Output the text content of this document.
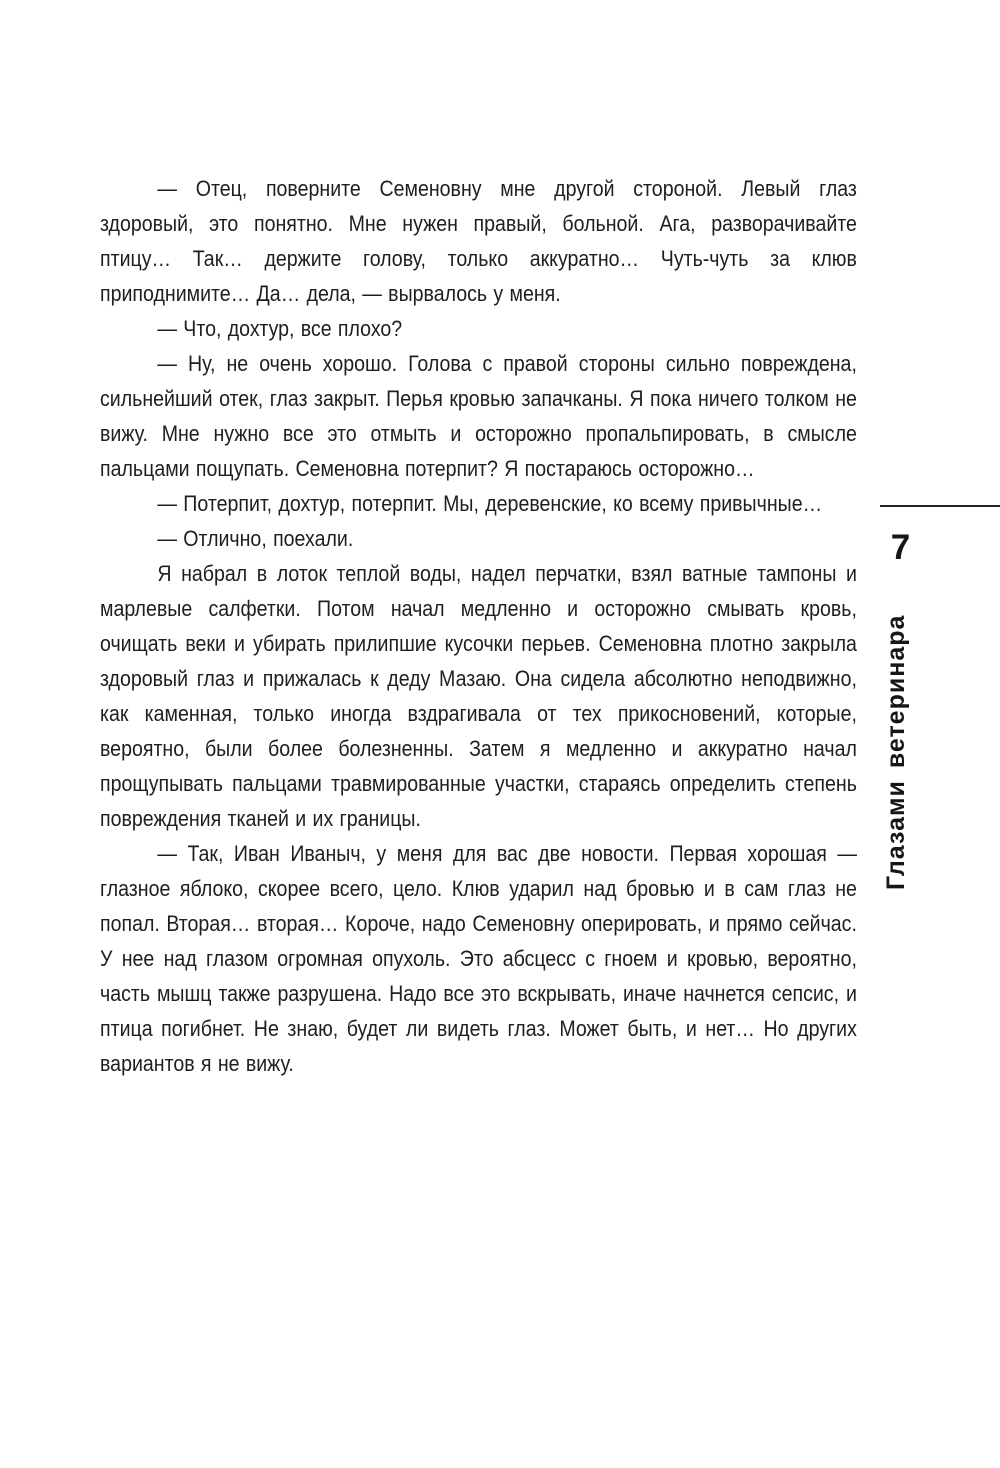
— Отец, поверните Семеновну мне другой стороной. Левый глаз здоровый, это понятно. Мне нужен правый, больной. Ага, разворачивайте птицу… Так… держите голову, только аккуратно… Чуть-чуть за клюв приподнимите… Да… дела, — вырвалось у меня.

— Что, дохтур, все плохо?

— Ну, не очень хорошо. Голова с правой стороны сильно повреждена, сильнейший отек, глаз закрыт. Перья кровью запачканы. Я пока ничего толком не вижу. Мне нужно все это отмыть и осторожно пропальпировать, в смысле пальцами пощупать. Семеновна потерпит? Я постараюсь осторожно…

— Потерпит, дохтур, потерпит. Мы, деревенские, ко всему привычные…

— Отлично, поехали.

Я набрал в лоток теплой воды, надел перчатки, взял ватные тампоны и марлевые салфетки. Потом начал медленно и осторожно смывать кровь, очищать веки и убирать прилипшие кусочки перьев. Семеновна плотно закрыла здоровый глаз и прижалась к деду Мазаю. Она сидела абсолютно неподвижно, как каменная, только иногда вздрагивала от тех прикосновений, которые, вероятно, были более болезненны. Затем я медленно и аккуратно начал прощупывать пальцами травмированные участки, стараясь определить степень повреждения тканей и их границы.

— Так, Иван Иваныч, у меня для вас две новости. Первая хорошая — глазное яблоко, скорее всего, цело. Клюв ударил над бровью и в сам глаз не попал. Вторая… вторая… Короче, надо Семеновну оперировать, и прямо сейчас. У нее над глазом огромная опухоль. Это абсцесс с гноем и кровью, вероятно, часть мышц также разрушена. Надо все это вскрывать, иначе начнется сепсис, и птица погибнет. Не знаю, будет ли видеть глаз. Может быть, и нет… Но других вариантов я не вижу.

7
Глазами ветеринара
